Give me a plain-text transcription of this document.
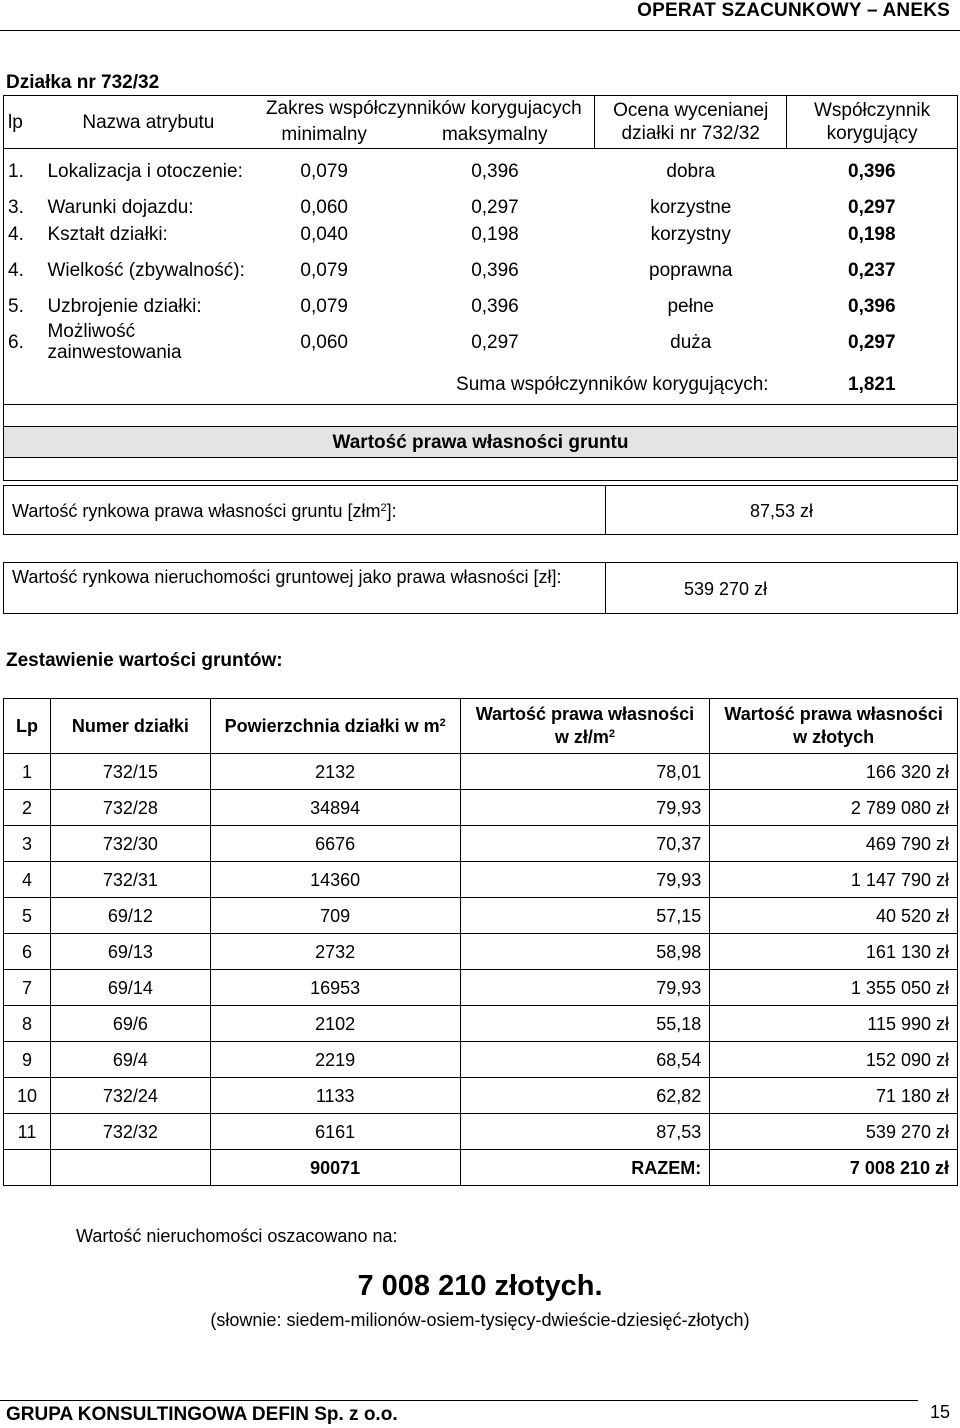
OPERAT SZACUNKOWY – ANEKS
Działka nr 732/32
lp	Nazwa atrybutu	Zakres współczynników korygujacych		Ocena wycenianej działki nr 732/32	Współczynnik korygujący
		minimalny	maksymalny		
1.	Lokalizacja i otoczenie:	0,079	0,396	dobra	0,396
3.	Warunki dojazdu:	0,060	0,297	korzystne	0,297
4.	Kształt działki:	0,040	0,198	korzystny	0,198
4.	Wielkość (zbywalność):	0,079	0,396	poprawna	0,237
5.	Uzbrojenie działki:	0,079	0,396	pełne	0,396
6.	Możliwość zainwestowania	0,060	0,297	duża	0,297
			Suma współczynników korygujących:		1,821
Wartość prawa własności gruntu
Wartość rynkowa prawa własności gruntu [złm$^2$]:	87,53 zł
Wartość rynkowa nieruchomości gruntowej jako prawa własności [zł]:
539 270 zł
Zestawienie wartości gruntów:
Lp	Numer działki	Powierzchnia działki w $m^2$	Wartość prawa własności w $zł/m^2$	Wartość prawa własności w złotych
1	732/15	2132	78,01	166 320 zł
2	732/28	34894	79,93	2 789 080 zł
3	732/30	6676	70,37	469 790 zł
4	732/31	14360	79,93	1 147 790 zł
5	69/12	709	57,15	40 520 zł
6	69/13	2732	58,98	161 130 zł
7	69/14	16953	79,93	1 355 050 zł
8	69/6	2102	55,18	115 990 zł
9	69/4	2219	68,54	152 090 zł
10	732/24	1133	62,82	71 180 zł
11	732/32	6161	87,53	539 270 zł
		90071	RAZEM:	7 008 210 zł
Wartość nieruchomości oszacowano na:
7 008 210 złotych.
(słownie: siedem-milionów-osiem-tysięcy-dwieście-dziesięć-złotych)
GRUPA KONSULTINGOWA DEFIN Sp. z o.o.	15
